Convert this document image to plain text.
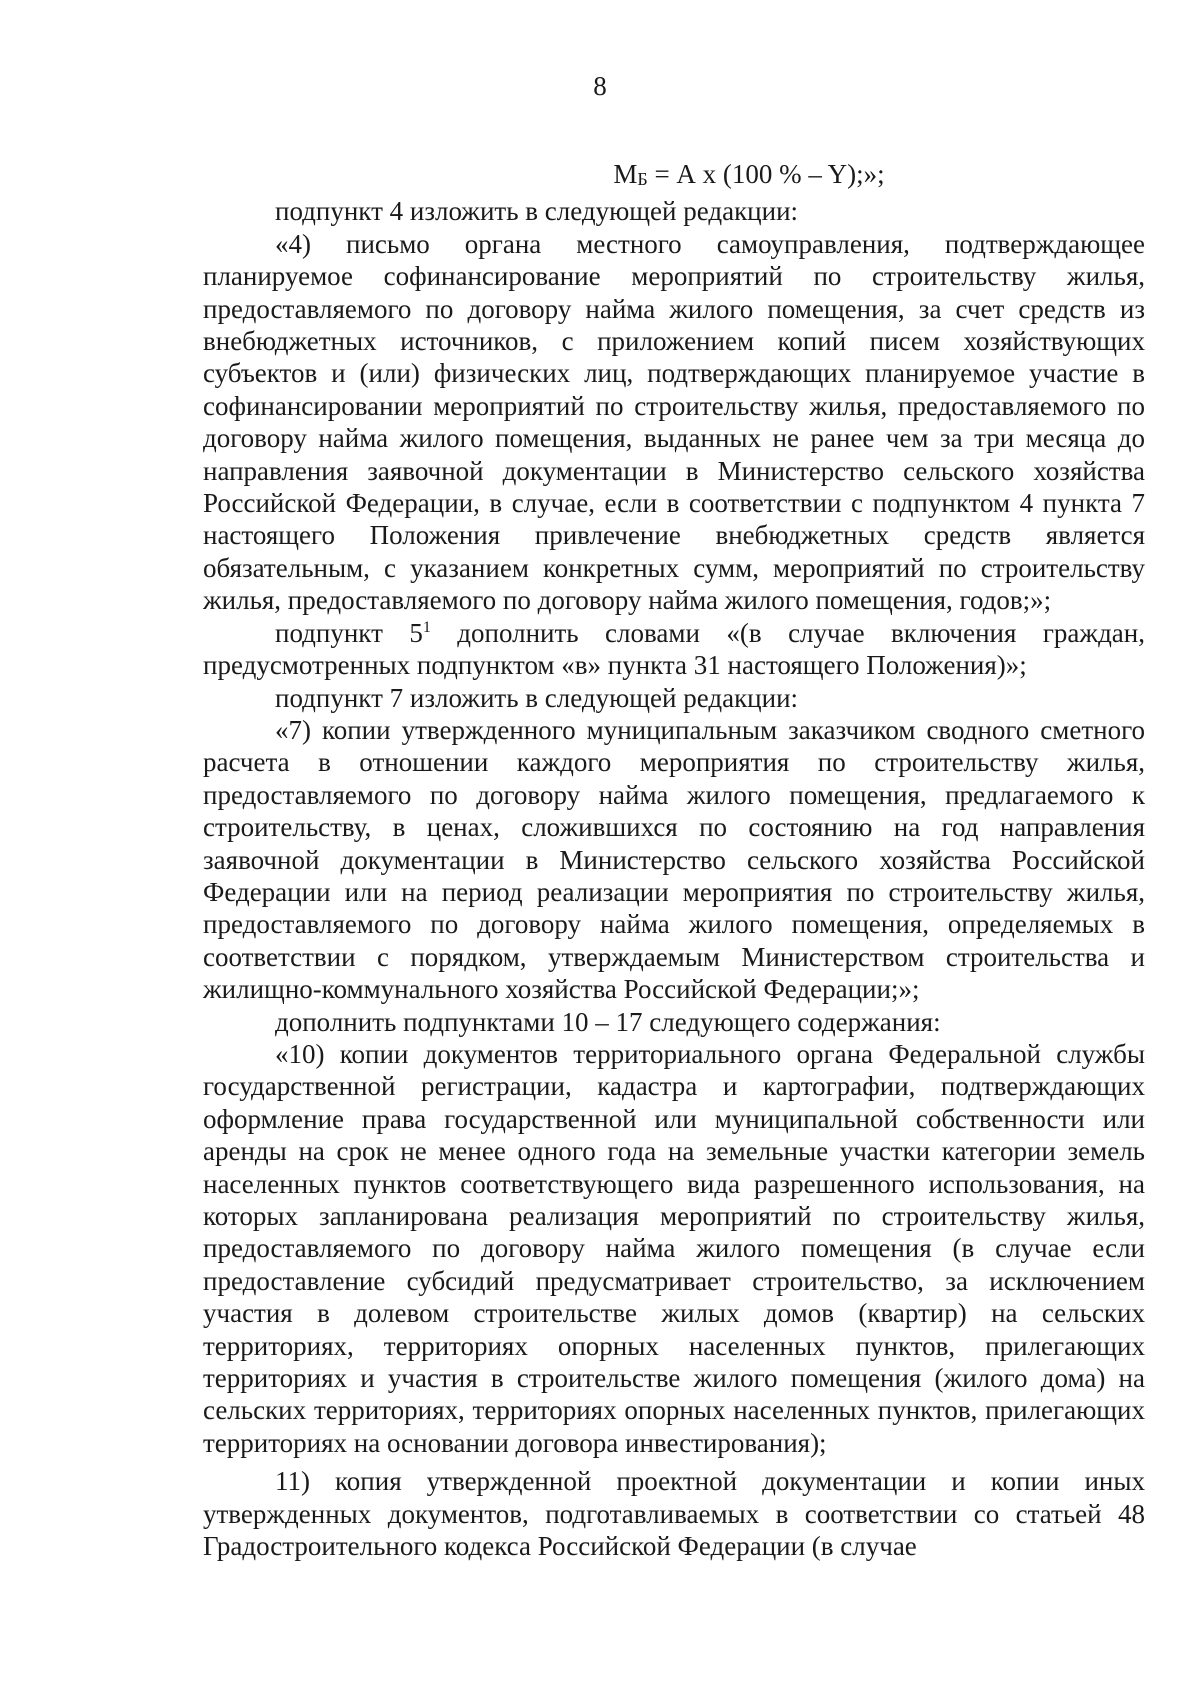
8

$М_Б = А$ x (100 % – Y);»;

подпункт 4 изложить в следующей редакции:

«4) письмо органа местного самоуправления, подтверждающее планируемое софинансирование мероприятий по строительству жилья, предоставляемого по договору найма жилого помещения, за счет средств из внебюджетных источников, с приложением копий писем хозяйствующих субъектов и (или) физических лиц, подтверждающих планируемое участие в софинансировании мероприятий по строительству жилья, предоставляемого по договору найма жилого помещения, выданных не ранее чем за три месяца до направления заявочной документации в Министерство сельского хозяйства Российской Федерации, в случае, если в соответствии с подпунктом 4 пункта 7 настоящего Положения привлечение внебюджетных средств является обязательным, с указанием конкретных сумм, мероприятий по строительству жилья, предоставляемого по договору найма жилого помещения, годов;»;

подпункт $5^1$ дополнить словами «(в случае включения граждан, предусмотренных подпунктом «в» пункта 31 настоящего Положения)»;

подпункт 7 изложить в следующей редакции:

«7) копии утвержденного муниципальным заказчиком сводного сметного расчета в отношении каждого мероприятия по строительству жилья, предоставляемого по договору найма жилого помещения, предлагаемого к строительству, в ценах, сложившихся по состоянию на год направления заявочной документации в Министерство сельского хозяйства Российской Федерации или на период реализации мероприятия по строительству жилья, предоставляемого по договору найма жилого помещения, определяемых в соответствии с порядком, утверждаемым Министерством строительства и жилищно-коммунального хозяйства Российской Федерации;»;

дополнить подпунктами 10 – 17 следующего содержания:

«10) копии документов территориального органа Федеральной службы государственной регистрации, кадастра и картографии, подтверждающих оформление права государственной или муниципальной собственности или аренды на срок не менее одного года на земельные участки категории земель населенных пунктов соответствующего вида разрешенного использования, на которых запланирована реализация мероприятий по строительству жилья, предоставляемого по договору найма жилого помещения (в случае если предоставление субсидий предусматривает строительство, за исключением участия в долевом строительстве жилых домов (квартир) на сельских территориях, территориях опорных населенных пунктов, прилегающих территориях и участия в строительстве жилого помещения (жилого дома) на сельских территориях, территориях опорных населенных пунктов, прилегающих территориях на основании договора инвестирования);

11) копия утвержденной проектной документации и копии иных утвержденных документов, подготавливаемых в соответствии со статьей 48 Градостроительного кодекса Российской Федерации (в случае
